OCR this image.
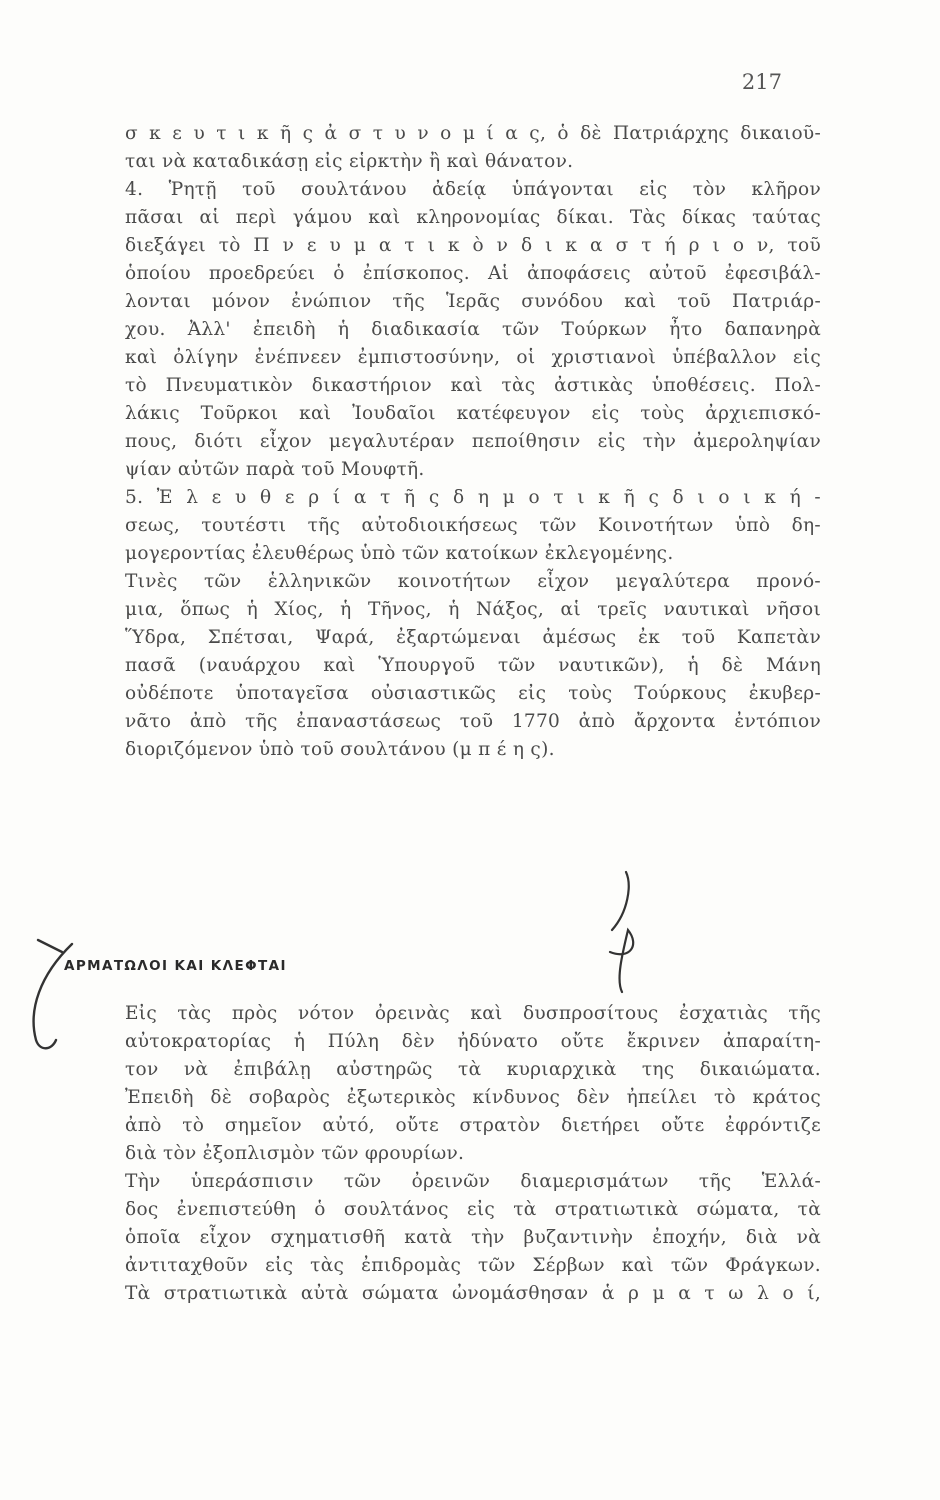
217
σ κ ε υ τ ι κ ῆ ς ἀ σ τ υ ν ο μ ί α ς, ὁ δὲ Πατριάρχης δικαιοῦ-
ται νὰ καταδικάσῃ εἰς εἱρκτὴν ἢ καὶ θάνατον.
4. Ῥητῇ τοῦ σουλτάνου ἀδείᾳ ὑπάγονται εἰς τὸν κλῆρον
πᾶσαι αἱ περὶ γάμου καὶ κληρονομίας δίκαι. Τὰς δίκας ταύτας
διεξάγει τὸ Π ν ε υ μ α τ ι κ ὸ ν δ ι κ α σ τ ή ρ ι ο ν, τοῦ
ὁποίου προεδρεύει ὁ ἐπίσκοπος. Αἱ ἀποφάσεις αὐτοῦ ἐφεσιβάλ-
λονται μόνον ἐνώπιον τῆς Ἱερᾶς συνόδου καὶ τοῦ Πατριάρ-
χου. Ἀλλ' ἐπειδὴ ἡ διαδικασία τῶν Τούρκων ἦτο δαπανηρὰ
καὶ ὀλίγην ἐνέπνεεν ἐμπιστοσύνην, οἱ χριστιανοὶ ὑπέβαλλον εἰς
τὸ Πνευματικὸν δικαστήριον καὶ τὰς ἀστικὰς ὑποθέσεις. Πολ-
λάκις Τοῦρκοι καὶ Ἰουδαῖοι κατέφευγον εἰς τοὺς ἀρχιεπισκό-
πους, διότι εἶχον μεγαλυτέραν πεποίθησιν εἰς τὴν ἀμεροληψίαν
ψίαν αὐτῶν παρὰ τοῦ Μουφτῆ.
5. Ἐ λ ε υ θ ε ρ ί α τ ῆ ς δ η μ ο τ ι κ ῆ ς δ ι ο ι κ ή -
σεως, τουτέστι τῆς αὐτοδιοικήσεως τῶν Κοινοτήτων ὑπὸ δη-
μογεροντίας ἐλευθέρως ὑπὸ τῶν κατοίκων ἐκλεγομένης.
Τινὲς τῶν ἑλληνικῶν κοινοτήτων εἶχον μεγαλύτερα προνό-
μια, ὅπως ἡ Χίος, ἡ Τῆνος, ἡ Νάξος, αἱ τρεῖς ναυτικαὶ νῆσοι
Ὕδρα, Σπέτσαι, Ψαρά, ἐξαρτώμεναι ἀμέσως ἐκ τοῦ Καπετὰν
πασᾶ (ναυάρχου καὶ Ὑπουργοῦ τῶν ναυτικῶν), ἡ δὲ Μάνη
οὐδέποτε ὑποταγεῖσα οὐσιαστικῶς εἰς τοὺς Τούρκους ἐκυβερ-
νᾶτο ἀπὸ τῆς ἐπαναστάσεως τοῦ 1770 ἀπὸ ἄρχοντα ἐντόπιον
διοριζόμενον ὑπὸ τοῦ σουλτάνου (μ π έ η ς).
ΑΡΜΑΤΩΛΟΙ ΚΑΙ ΚΛΕΦΤΑΙ
Εἰς τὰς πρὸς νότον ὀρεινὰς καὶ δυσπροσίτους ἐσχατιὰς τῆς
αὐτοκρατορίας ἡ Πύλη δὲν ἠδύνατο οὔτε ἔκρινεν ἀπαραίτη-
τον νὰ ἐπιβάλῃ αὐστηρῶς τὰ κυριαρχικὰ της δικαιώματα.
Ἐπειδὴ δὲ σοβαρὸς ἐξωτερικὸς κίνδυνος δὲν ἠπείλει τὸ κράτος
ἀπὸ τὸ σημεῖον αὐτό, οὔτε στρατὸν διετήρει οὔτε ἐφρόντιζε
διὰ τὸν ἐξοπλισμὸν τῶν φρουρίων.
Τὴν ὑπεράσπισιν τῶν ὀρεινῶν διαμερισμάτων τῆς Ἑλλά-
δος ἐνεπιστεύθη ὁ σουλτάνος εἰς τὰ στρατιωτικὰ σώματα, τὰ
ὁποῖα εἶχον σχηματισθῆ κατὰ τὴν βυζαντινὴν ἐποχήν, διὰ νὰ
ἀντιταχθοῦν εἰς τὰς ἐπιδρομὰς τῶν Σέρβων καὶ τῶν Φράγκων.
Τὰ στρατιωτικὰ αὐτὰ σώματα ὠνομάσθησαν ἁ ρ μ α τ ω λ ο ί,
